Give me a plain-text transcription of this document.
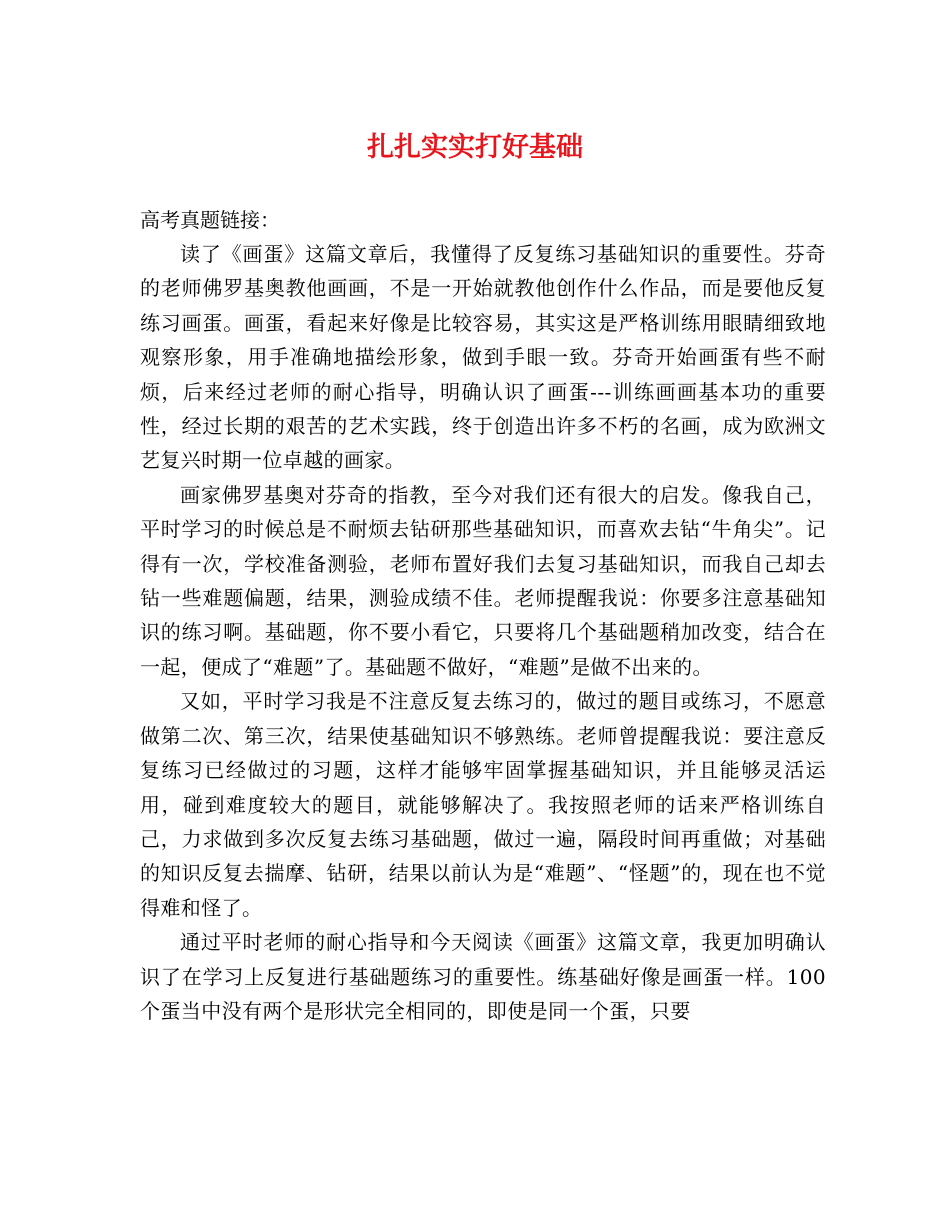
扎扎实实打好基础

高考真题链接：

读了《画蛋》这篇文章后，我懂得了反复练习基础知识的重要性。芬奇的老师佛罗基奥教他画画，不是一开始就教他创作什么作品，而是要他反复练习画蛋。画蛋，看起来好像是比较容易，其实这是严格训练用眼睛细致地观察形象，用手准确地描绘形象，做到手眼一致。芬奇开始画蛋有些不耐烦，后来经过老师的耐心指导，明确认识了画蛋---训练画画基本功的重要性，经过长期的艰苦的艺术实践，终于创造出许多不朽的名画，成为欧洲文艺复兴时期一位卓越的画家。

画家佛罗基奥对芬奇的指教，至今对我们还有很大的启发。像我自己，平时学习的时候总是不耐烦去钻研那些基础知识，而喜欢去钻“牛角尖”。记得有一次，学校准备测验，老师布置好我们去复习基础知识，而我自己却去钻一些难题偏题，结果，测验成绩不佳。老师提醒我说：你要多注意基础知识的练习啊。基础题，你不要小看它，只要将几个基础题稍加改变，结合在一起，便成了“难题”了。基础题不做好，“难题”是做不出来的。

又如，平时学习我是不注意反复去练习的，做过的题目或练习，不愿意做第二次、第三次，结果使基础知识不够熟练。老师曾提醒我说：要注意反复练习已经做过的习题，这样才能够牢固掌握基础知识，并且能够灵活运用，碰到难度较大的题目，就能够解决了。我按照老师的话来严格训练自己，力求做到多次反复去练习基础题，做过一遍，隔段时间再重做；对基础的知识反复去揣摩、钻研，结果以前认为是“难题”、“怪题”的，现在也不觉得难和怪了。

通过平时老师的耐心指导和今天阅读《画蛋》这篇文章，我更加明确认识了在学习上反复进行基础题练习的重要性。练基础好像是画蛋一样。100个蛋当中没有两个是形状完全相同的，即使是同一个蛋，只要
